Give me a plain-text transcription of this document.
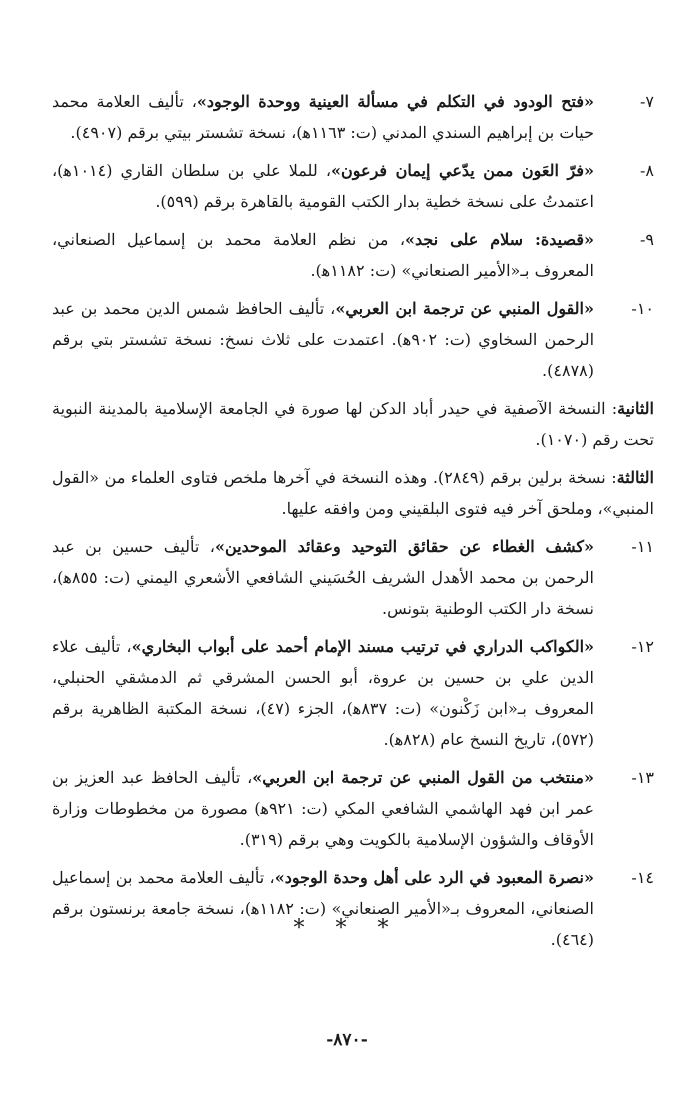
٧-
«فتح الودود في التكلم في مسألة العينية ووحدة الوجود»، تأليف العلامة محمد حيات بن إبراهيم السندي المدني (ت: ١١٦٣ﻫ)، نسخة تشستر بيتي برقم (٤٩٠٧).
٨-
«فرّ العَون ممن يدّعي إيمان فرعون»، للملا علي بن سلطان القاري (١٠١٤ﻫ)، اعتمدتُ على نسخة خطية بدار الكتب القومية بالقاهرة برقم (٥٩٩).
٩-
«قصيدة: سلام على نجد»، من نظم العلامة محمد بن إسماعيل الصنعاني، المعروف بـ«الأمير الصنعاني» (ت: ١١٨٢ﻫ).
١٠-
«القول المنبي عن ترجمة ابن العربي»، تأليف الحافظ شمس الدين محمد بن عبد الرحمن السخاوي (ت: ٩٠٢ﻫ). اعتمدت على ثلاث نسخ: نسخة تشستر بتي برقم (٤٨٧٨).
الثانية: النسخة الآصفية في حيدر أباد الدكن لها صورة في الجامعة الإسلامية بالمدينة النبوية تحت رقم (١٠٧٠).
الثالثة: نسخة برلين برقم (٢٨٤٩). وهذه النسخة في آخرها ملخص فتاوى العلماء من «القول المنبي»، وملحق آخر فيه فتوى البلقيني ومن وافقه عليها.
١١-
«كشف الغطاء عن حقائق التوحيد وعقائد الموحدين»، تأليف حسين بن عبد الرحمن بن محمد الأهدل الشريف الحُسَيني الشافعي الأشعري اليمني (ت: ٨٥٥ﻫ)، نسخة دار الكتب الوطنية بتونس.
١٢-
«الكواكب الدراري في ترتيب مسند الإمام أحمد على أبواب البخاري»، تأليف علاء الدين علي بن حسين بن عروة، أبو الحسن المشرقي ثم الدمشقي الحنبلي، المعروف بـ«ابن زَكْنون» (ت: ٨٣٧ﻫ)، الجزء (٤٧)، نسخة المكتبة الظاهرية برقم (٥٧٢)، تاريخ النسخ عام (٨٢٨ﻫ).
١٣-
«منتخب من القول المنبي عن ترجمة ابن العربي»، تأليف الحافظ عبد العزيز بن عمر ابن فهد الهاشمي الشافعي المكي (ت: ٩٢١ﻫ) مصورة من مخطوطات وزارة الأوقاف والشؤون الإسلامية بالكويت وهي برقم (٣١٩).
١٤-
«نصرة المعبود في الرد على أهل وحدة الوجود»، تأليف العلامة محمد بن إسماعيل الصنعاني، المعروف بـ«الأمير الصنعاني» (ت: ١١٨٢ﻫ)، نسخة جامعة برنستون برقم (٤٦٤).
* * *
-٨٧٠-
